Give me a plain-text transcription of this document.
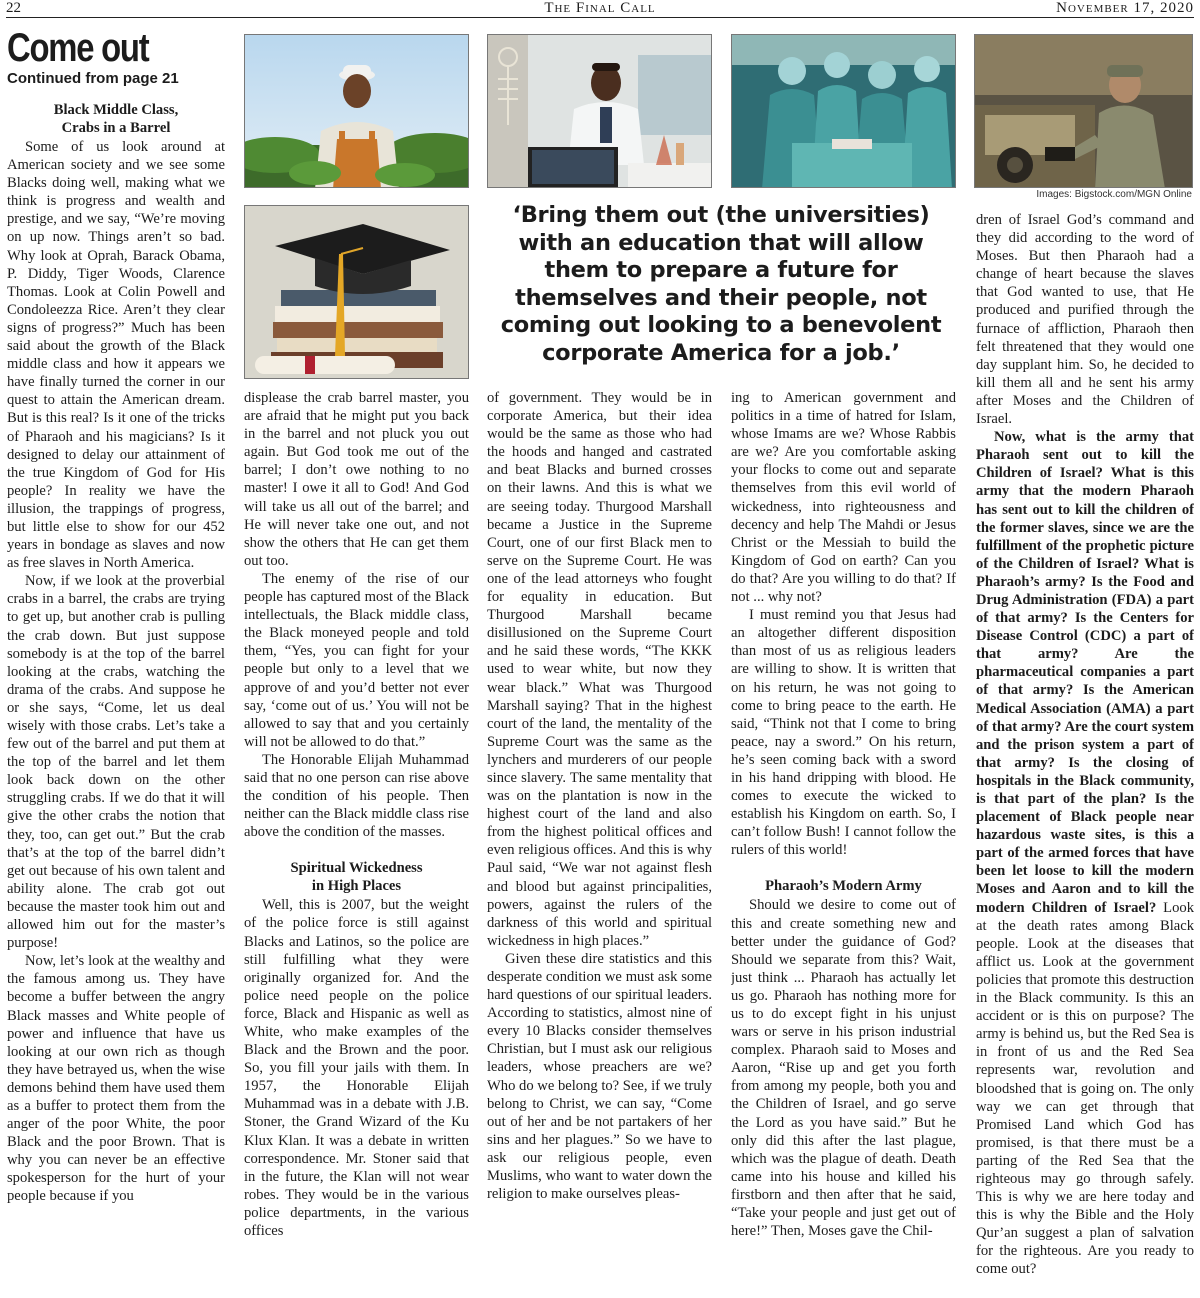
22	The Final Call	November 17, 2020
Come out
Continued from page 21
Images: Bigstock.com/MGN Online
‘Bring them out (the universities) with an education that will allow them to prepare a future for themselves and their people, not coming out looking to a benevolent corporate America for a job.’
Black Middle Class,
Crabs in a Barrel

Some of us look around at American society and we see some Blacks doing well, making what we think is progress and wealth and prestige, and we say, “We’re moving on up now. Things aren’t so bad. Why look at Oprah, Barack Obama, P. Diddy, Tiger Woods, Clarence Thomas. Look at Colin Powell and Condoleezza Rice. Aren’t they clear signs of progress?” Much has been said about the growth of the Black middle class and how it appears we have finally turned the corner in our quest to attain the American dream. But is this real? Is it one of the tricks of Pharaoh and his magicians? Is it designed to delay our attainment of the true Kingdom of God for His people? In reality we have the illusion, the trappings of progress, but little else to show for our 452 years in bondage as slaves and now as free slaves in North America.

Now, if we look at the proverbial crabs in a barrel, the crabs are trying to get up, but another crab is pulling the crab down. But just suppose somebody is at the top of the barrel looking at the crabs, watching the drama of the crabs. And suppose he or she says, “Come, let us deal wisely with those crabs. Let’s take a few out of the barrel and put them at the top of the barrel and let them look back down on the other struggling crabs. If we do that it will give the other crabs the notion that they, too, can get out.” But the crab that’s at the top of the barrel didn’t get out because of his own talent and ability alone. The crab got out because the master took him out and allowed him out for the master’s purpose!

Now, let’s look at the wealthy and the famous among us. They have become a buffer between the angry Black masses and White people of power and influence that have us looking at our own rich as though they have betrayed us, when the wise demons behind them have used them as a buffer to protect them from the anger of the poor White, the poor Black and the poor Brown. That is why you can never be an effective spokesperson for the hurt of your people because if you

displease the crab barrel master, you are afraid that he might put you back in the barrel and not pluck you out again. But God took me out of the barrel; I don’t owe nothing to no master! I owe it all to God! And God will take us all out of the barrel; and He will never take one out, and not show the others that He can get them out too.

The enemy of the rise of our people has captured most of the Black intellectuals, the Black middle class, the Black moneyed people and told them, “Yes, you can fight for your people but only to a level that we approve of and you’d better not ever say, ‘come out of us.’ You will not be allowed to say that and you certainly will not be allowed to do that.”

The Honorable Elijah Muhammad said that no one person can rise above the condition of his people. Then neither can the Black middle class rise above the condition of the masses.

Spiritual Wickedness
in High Places

Well, this is 2007, but the weight of the police force is still against Blacks and Latinos, so the police are still fulfilling what they were originally organized for. And the police need people on the police force, Black and Hispanic as well as White, who make examples of the Black and the Brown and the poor. So, you fill your jails with them. In 1957, the Honorable Elijah Muhammad was in a debate with J.B. Stoner, the Grand Wizard of the Ku Klux Klan. It was a debate in written correspondence. Mr. Stoner said that in the future, the Klan will not wear robes. They would be in the various police departments, in the various offices

of government. They would be in corporate America, but their idea would be the same as those who had the hoods and hanged and castrated and beat Blacks and burned crosses on their lawns. And this is what we are seeing today. Thurgood Marshall became a Justice in the Supreme Court, one of our first Black men to serve on the Supreme Court. He was one of the lead attorneys who fought for equality in education. But Thurgood Marshall became disillusioned on the Supreme Court and he said these words, “The KKK used to wear white, but now they wear black.” What was Thurgood Marshall saying? That in the highest court of the land, the mentality of the Supreme Court was the same as the lynchers and murderers of our people since slavery. The same mentality that was on the plantation is now in the highest court of the land and also from the highest political offices and even religious offices. And this is why Paul said, “We war not against flesh and blood but against principalities, powers, against the rulers of the darkness of this world and spiritual wickedness in high places.”

Given these dire statistics and this desperate condition we must ask some hard questions of our spiritual leaders. According to statistics, almost nine of every 10 Blacks consider themselves Christian, but I must ask our religious leaders, whose preachers are we? Who do we belong to? See, if we truly belong to Christ, we can say, “Come out of her and be not partakers of her sins and her plagues.” So we have to ask our religious people, even Muslims, who want to water down the religion to make ourselves pleas-

ing to American government and politics in a time of hatred for Islam, whose Imams are we? Whose Rabbis are we? Are you comfortable asking your flocks to come out and separate themselves from this evil world of wickedness, into righteousness and decency and help The Mahdi or Jesus Christ or the Messiah to build the Kingdom of God on earth? Can you do that? Are you willing to do that? If not ... why not?

I must remind you that Jesus had an altogether different disposition than most of us as religious leaders are willing to show. It is written that on his return, he was not going to come to bring peace to the earth. He said, “Think not that I come to bring peace, nay a sword.” On his return, he’s seen coming back with a sword in his hand dripping with blood. He comes to execute the wicked to establish his Kingdom on earth. So, I can’t follow Bush! I cannot follow the rulers of this world!

Pharaoh’s Modern Army

Should we desire to come out of this and create something new and better under the guidance of God? Should we separate from this? Wait, just think ... Pharaoh has actually let us go. Pharaoh has nothing more for us to do except fight in his unjust wars or serve in his prison industrial complex. Pharaoh said to Moses and Aaron, “Rise up and get you forth from among my people, both you and the Children of Israel, and go serve the Lord as you have said.” But he only did this after the last plague, which was the plague of death. Death came into his house and killed his firstborn and then after that he said, “Take your people and just get out of here!” Then, Moses gave the Chil-

dren of Israel God’s command and they did according to the word of Moses. But then Pharaoh had a change of heart because the slaves that God wanted to use, that He produced and purified through the furnace of affliction, Pharaoh then felt threatened that they would one day supplant him. So, he decided to kill them all and he sent his army after Moses and the Children of Israel.

Now, what is the army that Pharaoh sent out to kill the Children of Israel? What is this army that the modern Pharaoh has sent out to kill the children of the former slaves, since we are the fulfillment of the prophetic picture of the Children of Israel? What is Pharaoh’s army? Is the Food and Drug Administration (FDA) a part of that army? Is the Centers for Disease Control (CDC) a part of that army? Are the pharmaceutical companies a part of that army? Is the American Medical Association (AMA) a part of that army? Are the court system and the prison system a part of that army? Is the closing of hospitals in the Black community, is that part of the plan? Is the placement of Black people near hazardous waste sites, is this a part of the armed forces that have been let loose to kill the modern Moses and Aaron and to kill the modern Children of Israel? Look at the death rates among Black people. Look at the diseases that afflict us. Look at the government policies that promote this destruction in the Black community. Is this an accident or is this on purpose? The army is behind us, but the Red Sea is in front of us and the Red Sea represents war, revolution and bloodshed that is going on. The only way we can get through that Promised Land which God has promised, is that there must be a parting of the Red Sea that the righteous may go through safely. This is why we are here today and this is why the Bible and the Holy Qur’an suggest a plan of salvation for the righteous. Are you ready to come out?
